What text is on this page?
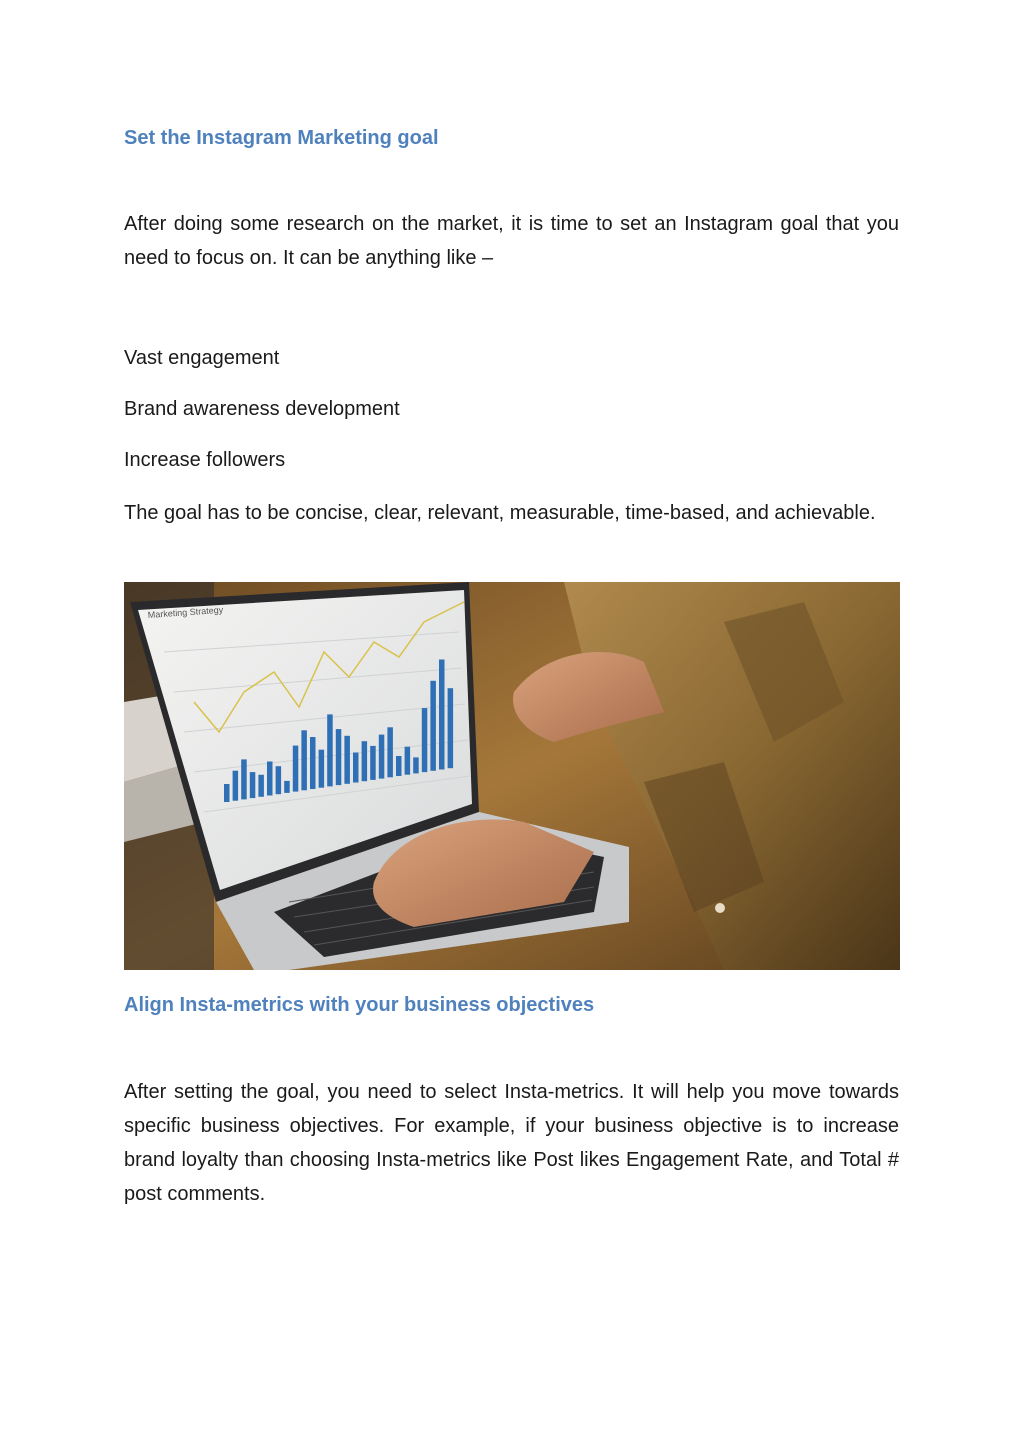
Set the Instagram Marketing goal

After doing some research on the market, it is time to set an Instagram goal that you need to focus on. It can be anything like –

Vast engagement

Brand awareness development

Increase followers

The goal has to be concise, clear, relevant, measurable, time-based, and achievable.

Marketing Strategy
Align Insta-metrics with your business objectives

After setting the goal, you need to select Insta-metrics. It will help you move towards specific business objectives. For example, if your business objective is to increase brand loyalty than choosing Insta-metrics like Post likes Engagement Rate, and Total # post comments.
